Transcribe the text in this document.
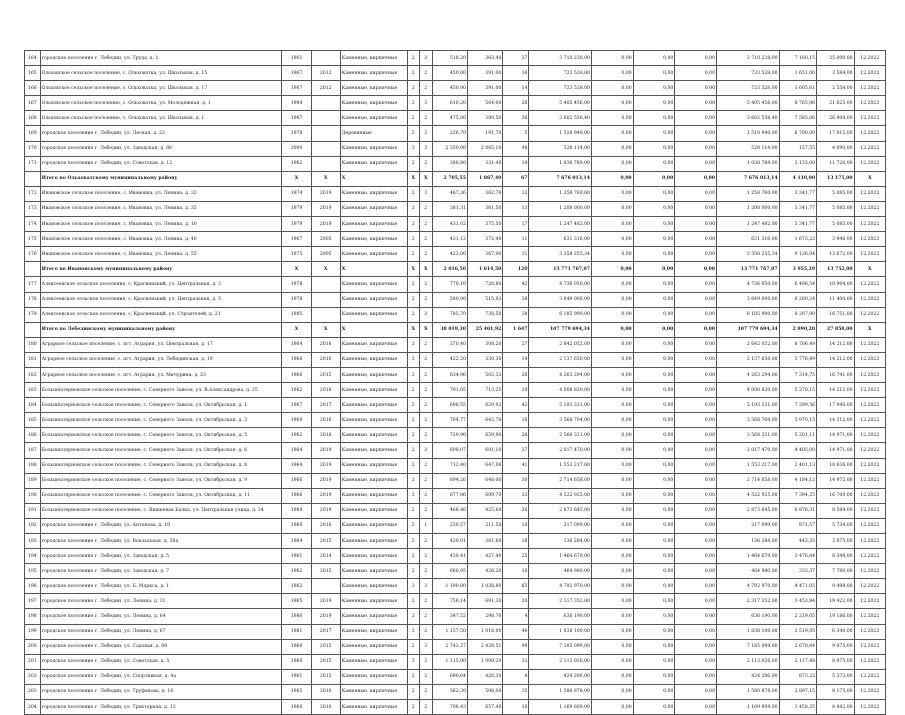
164	городское поселение г. Лебедин, ул. Труда, д. 1	1961		Каменные, кирпичные	2	2	518,20	363,40	37	3 710 238,00	0,00	0,00	0,00	3 710 238,00	7 160,15	25 000,00	12.2022
165	Ольховское сельское поселение, с. Ольховатка, ул. Школьная, д. 15	1967	2012	Каменные, кирпичные	2	2	450,00	391,00	16	723 528,00	0,00	0,00	0,00	723 528,00	1 651,00	3 584,00	12.2022
166	Ольховское сельское поселение, с. Ольховатка, ул. Школьная, д. 17	1967	2012	Каменные, кирпичные	2	2	450,90	391,00	14	723 528,00	0,00	0,00	0,00	723 528,00	1 605,61	2 554,00	12.2022
167	Ольховское сельское поселение, с. Ольховатка, ул. Молодежная, д. 1	1984		Каменные, кирпичные	2	3	610,20	564,00	26	5 405 456,00	0,00	0,00	0,00	5 405 456,00	8 765,96	21 625,00	12.2022
168	Ольховское сельское поселение, с. Ольховатка, ул. Школьная, д. 1	1987		Каменные, кирпичные	2	2	475,00	389,50	36	3 602 556,40	0,00	0,00	0,00	3 602 556,40	7 585,06	26 908,00	12.2022
169	городское поселение г. Лебедин, ул. Лесная, д. 22	1978		Деревянные	2	3	226,70	191,70	5	1 518 940,00	0,00	0,00	0,00	1 518 940,00	6 700,00	17 915,00	12.2022
170	городское поселение г. Лебедин, ул. Заводская, д. 88	2000		Каменные, кирпичные	3	3	2 550,00	2 065,10	48	528 114,00	0,00	0,00	0,00	528 114,00	157,55	4 690,00	12.2022
171	городское поселение г. Лебедин, ул. Советская, д. 12	1962		Каменные, кирпичные	2	2	386,80	331,40	19	1 038 789,00	0,00	0,00	0,00	1 038 789,00	3 133,00	11 720,00	12.2022
	Итого по Ольховатскому муниципальному району	X	X	X	X	X	2 705,55	1 867,40	67	7 676 013,14	0,00	0,00	0,00	7 676 013,14	4 110,00	13 175,00	X
172	Ивановское сельское поселение, с. Ивановка, ул. Ленина, д. 32	1974	2019	Каменные, кирпичные	2	3	467,36	362,76	12	1 258 760,00	0,00	0,00	0,00	1 258 760,00	3 341,77	5 085,00	12.2022
173	Ивановское сельское поселение, с. Ивановка, ул. Ленина, д. 35	1979	2019	Каменные, кирпичные	2	2	381,31	361,50	13	1 208 000,00	0,00	0,00	0,00	1 208 000,00	3 341,77	5 085,00	12.2022
174	Ивановское сельское поселение, с. Ивановка, ул. Ленина, д. 10	1979	2019	Каменные, кирпичные	2	2	431,02	375,50	17	1 247 482,00	0,00	0,00	0,00	1 247 482,00	3 341,77	5 085,00	12.2022
175	Ивановское сельское поселение, с. Ивановка, ул. Ленина, д. 40	1967	2005	Каменные, кирпичные	2	2	431,12	372,40	11	631 316,00	0,00	0,00	0,00	631 316,00	1 673,22	3 946,00	12.2022
176	Ивановское сельское поселение, с. Ивановка, ул. Ленина, д. 55	1975	2005	Каменные, кирпичные	2	2	423,00	367,90	11	3 358 255,34	0,00	0,00	0,00	3 358 255,34	9 126,04	13 672,00	12.2022
	Итого по Ивановскому муниципальному району	X	X	X	X	X	2 016,50	1 614,50	120	13 771 767,07	0,00	0,00	0,00	13 771 767,07	3 955,29	13 752,00	X
177	Алексеевское сельское поселение, с. Красненький, ул. Центральная, д. 3	1978		Каменные, кирпичные	2	2	770,10	728,80	42	4 736 050,00	0,00	0,00	0,00	4 736 050,00	6 498,54	10 904,00	12.2022
178	Алексеевское сельское поселение, с. Красненький, ул. Центральная, д. 5	1978		Каменные, кирпичные	2	2	580,00	515,92	38	3 649 000,00	0,00	0,00	0,00	3 649 000,00	6 280,24	11 400,00	12.2022
179	Алексеевское сельское поселение, с. Красненький, ул. Строителей, д. 21	1985		Каменные, кирпичные	2	2	785,70	738,50	38	6 185 990,00	0,00	0,00	0,00	6 185 990,00	8 297,90	16 751,00	12.2022
	Итого по Лебединскому муниципальному району	X	X	X	X	X	38 019,30	25 401,92	1 647	107 779 694,34	0,00	0,00	0,00	107 779 694,34	2 890,20	27 858,00	X
180	Аграрное сельское поселение, с. пгт. Агрария, ул. Центральная, д. 17	1964	2016	Каменные, кирпичные	2	2	370,40	308,20	27	2 642 052,00	0,00	0,00	0,00	2 642 052,00	8 706,49	14 212,00	12.2022
181	Аграрное сельское поселение, с. пгт. Агрария, ул. Лебединская, д. 19	1968	2016	Каменные, кирпичные	2	2	422,20	330,30	14	2 137 650,00	0,00	0,00	0,00	2 137 650,00	5 776,49	14 212,00	12.2022
182	Аграрное сельское поселение, с. пгт. Агрария, ул. Мичурина, д. 23	1966	2015	Каменные, кирпичные	2	2	634,96	502,32	26	4 263 294,00	0,00	0,00	0,00	4 263 294,00	7 314,75	16 741,00	12.2022
183	Большеатерновское сельское поселение, с. Северного Заволя, ул. В.Александрова, д. 25	1962	2018	Каменные, кирпичные	2	2	791,05	713,25	29	4 008 830,00	0,00	0,00	0,00	4 008 830,00	5 270,15	14 212,00	12.2022
184	Большеатерновское сельское поселение, с. Северного Заволя, ул. Октябрьская, д. 1	1967	2017	Каменные, кирпичные	2	2	698,55	629,92	42	5 193 331,00	0,00	0,00	0,00	5 193 331,00	7 299,56	17 940,00	12.2022
185	Большеатерновское сельское поселение, с. Северного Заволя, ул. Октябрьская, д. 3	1960	2016	Каменные, кирпичные	2	2	704,77	643,70	16	3 568 704,00	0,00	0,00	0,00	3 568 704,00	5 970,15	14 212,00	12.2022
186	Большеатерновское сельское поселение, с. Северного Заволя, ул. Октябрьская, д. 5	1962	2018	Каменные, кирпичные	2	2	729,90	659,90	26	3 568 331,00	0,00	0,00	0,00	3 568 331,00	5 201,11	14 971,00	12.2022
187	Большеатерновское сельское поселение, с. Северного Заволя, ул. Октябрьская, д. 6	1964	2019	Каменные, кирпичные	2	2	698,07	601,10	37	2 017 470,00	0,00	0,00	0,00	2 017 470,00	4 405,00	14 971,00	12.2022
188	Большеатерновское сельское поселение, с. Северного Заволя, ул. Октябрьская, д. 8	1964	2019	Каменные, кирпичные	2	2	712,40	647,06	41	1 553 217,00	0,00	0,00	0,00	1 553 217,00	2 401,13	10 636,00	12.2022
189	Большеатерновское сельское поселение, с. Северного Заволя, ул. Октябрьская, д. 9	1966	2019	Каменные, кирпичные	2	2	694,26	648,00	30	2 714 658,00	0,00	0,00	0,00	2 714 658,00	4 184,12	14 972,00	12.2022
190	Большеатерновское сельское поселение, с. Северного Заволя, ул. Октябрьская, д. 11	1966	2019	Каменные, кирпичные	2	2	677,06	609,70	33	4 522 925,00	0,00	0,00	0,00	4 522 925,00	7 394,25	16 709,00	12.2022
191	Большеатерновское сельское поселение, с. Вишневая Балка, ул. Центральная улица, д. 34	1989	2019	Каменные, кирпичные	2	2	468,46	425,60	26	2 873 645,00	0,00	0,00	0,00	2 873 645,00	6 876,31	8 589,00	12.2022
192	городское поселение г. Лебедин, ул. Антонова, д. 19	1960	2016	Каменные, кирпичные	2	1	230,57	211,50	10	217 099,00	0,00	0,00	0,00	217 099,00	871,57	5 734,00	12.2022
193	городское поселение г. Лебедин, ул. Вокзальная, д. 30а	1964	2015	Каменные, кирпичные	2	2	420,01	381,60	16	136 284,00	0,00	0,00	0,00	136 284,00	442,35	3 675,00	12.2022
194	городское поселение г. Лебедин, ул. Заводская, д. 5	1961	2014	Каменные, кирпичные	2	2	430,41	427,40	25	1 464 679,00	0,00	0,00	0,00	1 464 679,00	3 476,84	8 348,00	12.2022
195	городское поселение г. Лебедин, ул. Заводская, д. 7	1962	2015	Каменные, кирпичные	2	2	666,95	426,20	16	464 980,00	0,00	0,00	0,00	464 980,00	333,37	7 780,00	12.2022
196	городское поселение г. Лебедин, ул. Б. Маркса, д. 1	1962		Каменные, кирпичные	3	3	1 190,00	1 038,80	65	4 792 970,00	0,00	0,00	0,00	4 792 970,00	4 471,05	9 498,00	12.2022
197	городское поселение г. Лебедин, ул. Ленина, д. 31	1965	2019	Каменные, кирпичные	2	2	758,14	691,30	20	2 317 352,00	0,00	0,00	0,00	2 317 352,00	3 453,84	19 422,00	12.2022
198	городское поселение г. Лебедин, ул. Ленина, д. 64	1980	2019	Каменные, кирпичные	2	2	347,52	298,70	4	636 190,00	0,00	0,00	0,00	636 190,00	2 219,05	19 186,00	12.2022
199	городское поселение г. Лебедин, ул. Ленина, д. 67	1981	2017	Каменные, кирпичные	2	2	1 157,50	1 018,00	49	1 838 100,00	0,00	0,00	0,00	1 838 100,00	2 519,05	6 340,00	12.2022
200	городское поселение г. Лебедин, ул. Садовая, д. 89	1960	2015	Каменные, кирпичные	2	3	2 743,27	2 438,51	99	7 185 099,00	0,00	0,00	0,00	7 185 099,00	2 678,84	9 075,00	12.2022
201	городское поселение г. Лебедин, ул. Советская, д. 5	1960	2015	Каменные, кирпичные	3	3	1 115,00	1 000,20	32	2 113 026,00	0,00	0,00	0,00	2 113 026,00	2 117,48	8 075,00	12.2022
202	городское поселение г. Лебедин, ул. Спортивная, д. 4а	1961	2015	Каменные, кирпичные	2	2	690,64	428,30	8	424 206,00	0,00	0,00	0,00	424 206,00	673,22	5 373,00	12.2022
203	городское поселение г. Лебедин, ул. Труфанова, д. 16	1965	2016	Каменные, кирпичные	2	2	562,30	506,00	15	1 580 878,00	0,00	0,00	0,00	1 580 878,00	2 897,15	8 175,00	12.2022
204	городское поселение г. Лебедин, ул. Тракторная, д. 12	1960	2016	Каменные, кирпичные	2	2	708,43	657,40	16	1 169 609,00	0,00	0,00	0,00	1 169 609,00	1 458,35	8 842,00	12.2022
